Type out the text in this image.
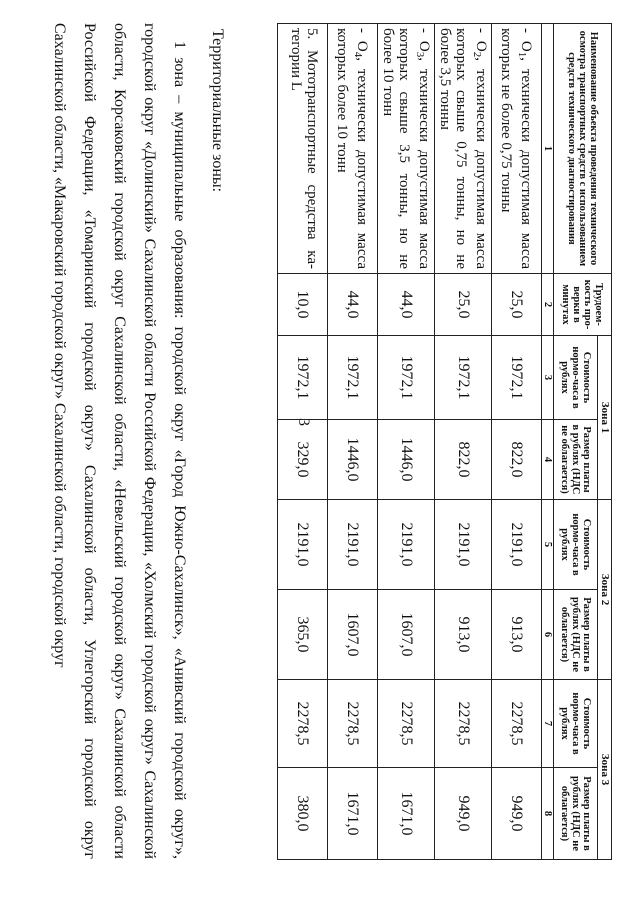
3
Наименование объекта проведения технического осмотра транспортных средств с использованием средств технического диагностирования	Трудоемкость проверки в минутах	Зона 1		Зона 2		Зона 3	
		Стоимость нормо-часа в рублях	Размер платы в рублях (НДС не облагается)	Стоимость нормо-часа в рублях	Размер платы в рублях (НДС не облагается)	Стоимость нормо-часа в рублях	Размер платы в рублях (НДС не облагается)
1	2	3	4	5	6	7	8
- $O_1$, технически допустимая масса которых не более 0,75 тонны	25,0	1972,1	822,0	2191,0	913,0	2278,5	949,0
- $O_2$, технически допустимая масса которых свыше 0,75 тонны, но не более 3,5 тонны	25,0	1972,1	822,0	2191,0	913,0	2278,5	949,0
- $O_3$, технически допустимая масса которых свыше 3,5 тонны, но не более 10 тонн	44,0	1972,1	1446,0	2191,0	1607,0	2278,5	1671,0
- $O_4$, технически допустимая масса которых более 10 тонн	44,0	1972,1	1446,0	2191,0	1607,0	2278,5	1671,0
5. Мототранспортные средства категории L	10,0	1972,1	329,0	2191,0	365,0	2278,5	380,0

Территориальные зоны:

1 зона – муниципальные образования: городской округ «Город Южно-Сахалинск», «Анивский городской округ», городской округ «Долинский» Сахалинской области Российской Федерации, «Холмский городской округ» Сахалинской области, Корсаковский городской округ Сахалинской области, «Невельский городской округ» Сахалинской области Российской Федерации, «Томаринский городской округ» Сахалинской области, Углегорский городской округ Сахалинской области, «Макаровский городской округ» Сахалинской области, городской округ
